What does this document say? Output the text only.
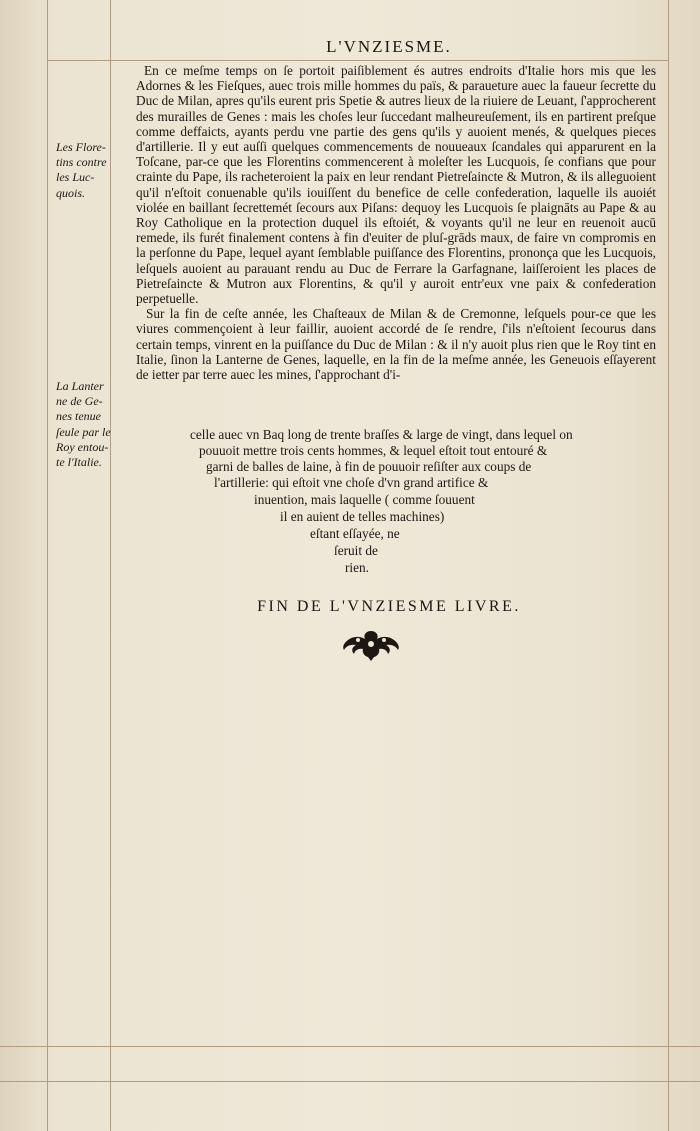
L'VNZIESME.
Les Flore-
tins contre
les Luc-
quois.
La Lanter
ne de Ge-
nes tenue
ſeule par le
Roy entou-
te l'Italie.

En ce meſme temps on ſe portoit paiſiblement és autres endroits d'Italie hors mis que les Adornes & les Fieſques, auec trois mille hommes du païs, & paraueture auec la faueur ſecrette du Duc de Milan, apres qu'ils eurent pris Spetie & autres lieux de la riuiere de Leuant, ſ'approcherent des murailles de Genes : mais les choſes leur ſuccedant malheureuſement, ils en partirent preſque comme deffaicts, ayants perdu vne partie des gens qu'ils y auoient menés, & quelques pieces d'artillerie. Il y eut auſſi quelques commencements de nouueaux ſcandales qui apparurent en la Toſcane, par-ce que les Florentins commencerent à moleſter les Lucquois, ſe confians que pour crainte du Pape, ils racheteroient la paix en leur rendant Pietreſaincte & Mutron, & ils alleguoient qu'il n'eſtoit conuenable qu'ils iouiſſent du benefice de celle confederation, laquelle ils auoiét violée en baillant ſecrettemét ſecours aux Piſans: dequoy les Lucquois ſe plaignāts au Pape & au Roy Catholique en la protection duquel ils eſtoiét, & voyants qu'il ne leur en reuenoit aucū remede, ils furét finalement contens à fin d'euiter de pluſ-grāds maux, de faire vn compromis en la perſonne du Pape, lequel ayant ſemblable puiſſance des Florentins, prononça que les Lucquois, leſquels auoient au parauant rendu au Duc de Ferrare la Garfagnane, laiſſeroient les places de Pietreſaincte & Mutron aux Florentins, & qu'il y auroit entr'eux vne paix & confederation perpetuelle.

Sur la fin de ceſte année, les Chaſteaux de Milan & de Cremonne, leſquels pour-ce que les viures commençoient à leur faillir, auoient accordé de ſe rendre, ſ'ils n'eſtoient ſecourus dans certain temps, vinrent en la puiſſance du Duc de Milan : & il n'y auoit plus rien que le Roy tint en Italie, ſinon la Lanterne de Genes, laquelle, en la fin de la meſme année, les Geneuois eſſayerent de ietter par terre auec les mines, ſ'approchant d'i-

celle auec vn Baq long de trente braſſes & large de vingt, dans lequel on
pouuoit mettre trois cents hommes, & lequel eſtoit tout entouré &
garni de balles de laine, à fin de pouuoir reſiſter aux coups de
l'artillerie: qui eſtoit vne choſe d'vn grand artifice &
inuention, mais laquelle ( comme ſouuent
il en auient de telles machines)
eſtant eſſayée, ne
ſeruit de
rien.
FIN DE L'VNZIESME LIVRE.
